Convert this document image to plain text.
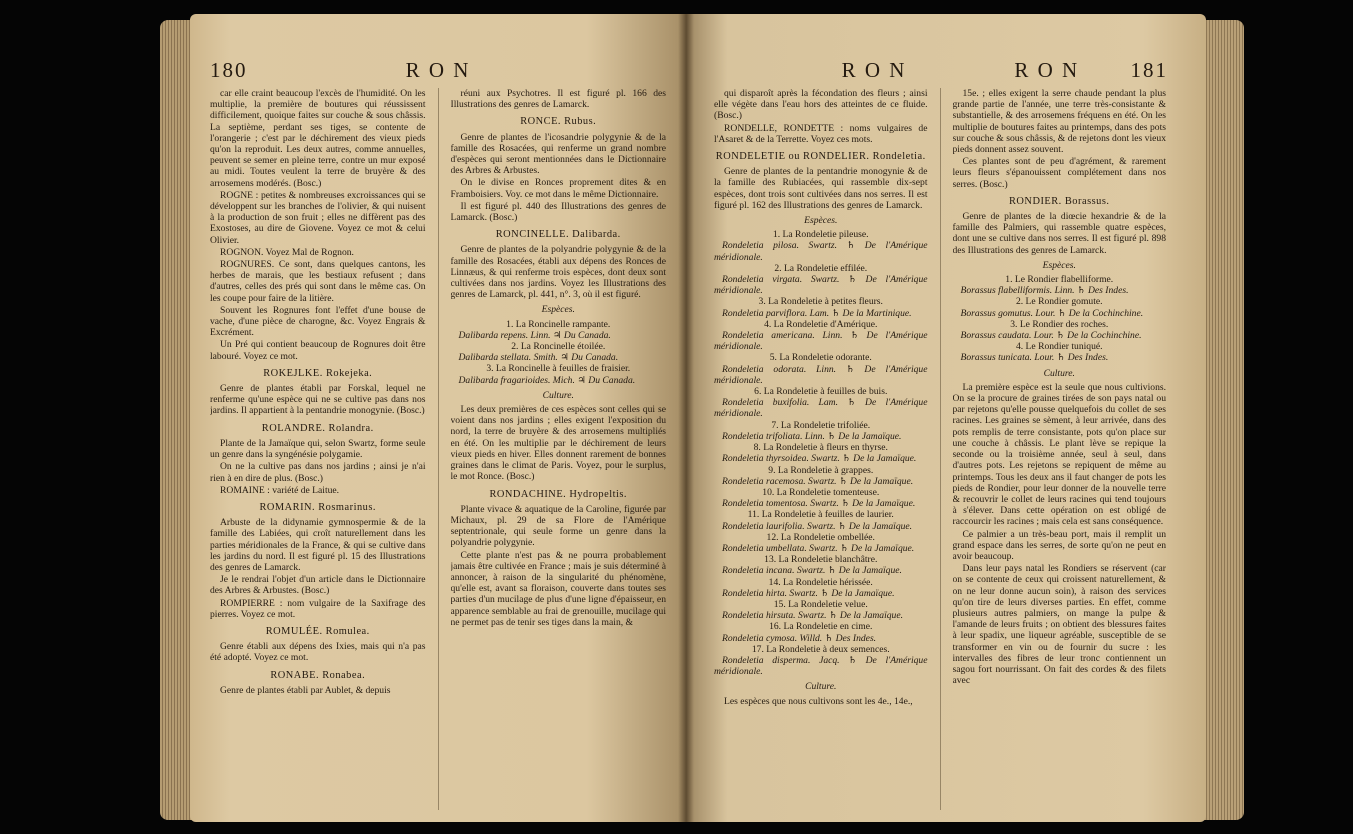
180	R O N

car elle craint beaucoup l'excès de l'humidité. On les multiplie, la première de boutures qui réussissent difficilement, quoique faites sur couche & sous châssis. La septième, perdant ses tiges, se contente de l'orangerie ; c'est par le déchirement des vieux pieds qu'on la reproduit. Les deux autres, comme annuelles, peuvent se semer en pleine terre, contre un mur exposé au midi. Toutes veulent la terre de bruyère & des arrosemens modérés. (Bosc.)

ROGNE : petites & nombreuses excroissances qui se développent sur les branches de l'olivier, & qui nuisent à la production de son fruit ; elles ne diffèrent pas des Exostoses, au dire de Giovene. Voyez ce mot & celui Olivier.

ROGNON. Voyez Mal de Rognon.

ROGNURES. Ce sont, dans quelques cantons, les herbes de marais, que les bestiaux refusent ; dans d'autres, celles des prés qui sont dans le même cas. On les coupe pour faire de la litière.

Souvent les Rognures font l'effet d'une bouse de vache, d'une pièce de charogne, &c. Voyez Engrais & Excrément.

Un Pré qui contient beaucoup de Rognures doit être labouré. Voyez ce mot.

ROKEJLKE. Rokejeka.

Genre de plantes établi par Forskal, lequel ne renferme qu'une espèce qui ne se cultive pas dans nos jardins. Il appartient à la pentandrie monogynie. (Bosc.)

ROLANDRE. Rolandra.

Plante de la Jamaïque qui, selon Swartz, forme seule un genre dans la syngénésie polygamie.

On ne la cultive pas dans nos jardins ; ainsi je n'ai rien à en dire de plus. (Bosc.)

ROMAINE : variété de Laitue.

ROMARIN. Rosmarinus.

Arbuste de la didynamie gymnospermie & de la famille des Labiées, qui croît naturellement dans les parties méridionales de la France, & qui se cultive dans les jardins du nord. Il est figuré pl. 15 des Illustrations des genres de Lamarck.

Je le rendrai l'objet d'un article dans le Dictionnaire des Arbres & Arbustes. (Bosc.)

ROMPIERRE : nom vulgaire de la Saxifrage des pierres. Voyez ce mot.

ROMULÉE. Romulea.

Genre établi aux dépens des Ixies, mais qui n'a pas été adopté. Voyez ce mot.

RONABE. Ronabea.

Genre de plantes établi par Aublet, & depuis

réuni aux Psychotres. Il est figuré pl. 166 des Illustrations des genres de Lamarck.

RONCE. Rubus.

Genre de plantes de l'icosandrie polygynie & de la famille des Rosacées, qui renferme un grand nombre d'espèces qui seront mentionnées dans le Dictionnaire des Arbres & Arbustes.

On le divise en Ronces proprement dites & en Framboisiers. Voy. ce mot dans le même Dictionnaire.

Il est figuré pl. 440 des Illustrations des genres de Lamarck. (Bosc.)

RONCINELLE. Dalibarda.

Genre de plantes de la polyandrie polygynie & de la famille des Rosacées, établi aux dépens des Ronces de Linnæus, & qui renferme trois espèces, dont deux sont cultivées dans nos jardins. Voyez les Illustrations des genres de Lamarck, pl. 441, n°. 3, où il est figuré.

Espèces.

1. La Roncinelle rampante.

Dalibarda repens. Linn. ♃ Du Canada.

2. La Roncinelle étoilée.

Dalibarda stellata. Smith. ♃ Du Canada.

3. La Roncinelle à feuilles de fraisier.

Dalibarda fragarioides. Mich. ♃ Du Canada.

Culture.

Les deux premières de ces espèces sont celles qui se voient dans nos jardins ; elles exigent l'exposition du nord, la terre de bruyère & des arrosemens multipliés en été. On les multiplie par le déchirement de leurs vieux pieds en hiver. Elles donnent rarement de bonnes graines dans le climat de Paris. Voyez, pour le surplus, le mot Ronce. (Bosc.)

RONDACHINE. Hydropeltis.

Plante vivace & aquatique de la Caroline, figurée par Michaux, pl. 29 de sa Flore de l'Amérique septentrionale, qui seule forme un genre dans la polyandrie polygynie.

Cette plante n'est pas & ne pourra probablement jamais être cultivée en France ; mais je suis déterminé à annoncer, à raison de la singularité du phénomène, qu'elle est, avant sa floraison, couverte dans toutes ses parties d'un mucilage de plus d'une ligne d'épaisseur, en apparence semblable au frai de grenouille, mucilage qui ne permet pas de tenir ses tiges dans la main, &

R O N	R O N	181

qui disparoît après la fécondation des fleurs ; ainsi elle végète dans l'eau hors des atteintes de ce fluide. (Bosc.)

RONDELLE, RONDETTE : noms vulgaires de l'Asaret & de la Terrette. Voyez ces mots.

RONDELETIE ou RONDELIER. Rondeletia.

Genre de plantes de la pentandrie monogynie & de la famille des Rubiacées, qui rassemble dix-sept espèces, dont trois sont cultivées dans nos serres. Il est figuré pl. 162 des Illustrations des genres de Lamarck.

Espèces.

1. La Rondeletie pileuse.

Rondeletia pilosa. Swartz. ♄ De l'Amérique méridionale.

2. La Rondeletie effilée.

Rondeletia virgata. Swartz. ♄ De l'Amérique méridionale.

3. La Rondeletie à petites fleurs.

Rondeletia parviflora. Lam. ♄ De la Martinique.

4. La Rondeletie d'Amérique.

Rondeletia americana. Linn. ♄ De l'Amérique méridionale.

5. La Rondeletie odorante.

Rondeletia odorata. Linn. ♄ De l'Amérique méridionale.

6. La Rondeletie à feuilles de buis.

Rondeletia buxifolia. Lam. ♄ De l'Amérique méridionale.

7. La Rondeletie trifoliée.

Rondeletia trifoliata. Linn. ♄ De la Jamaïque.

8. La Rondeletie à fleurs en thyrse.

Rondeletia thyrsoidea. Swartz. ♄ De la Jamaïque.

9. La Rondeletie à grappes.

Rondeletia racemosa. Swartz. ♄ De la Jamaïque.

10. La Rondeletie tomenteuse.

Rondeletia tomentosa. Swartz. ♄ De la Jamaïque.

11. La Rondeletie à feuilles de laurier.

Rondeletia laurifolia. Swartz. ♄ De la Jamaïque.

12. La Rondeletie ombellée.

Rondeletia umbellata. Swartz. ♄ De la Jamaïque.

13. La Rondeletie blanchâtre.

Rondeletia incana. Swartz. ♄ De la Jamaïque.

14. La Rondeletie hérissée.

Rondeletia hirta. Swartz. ♄ De la Jamaïque.

15. La Rondeletie velue.

Rondeletia hirsuta. Swartz. ♄ De la Jamaïque.

16. La Rondeletie en cime.

Rondeletia cymosa. Willd. ♄ Des Indes.

17. La Rondeletie à deux semences.

Rondeletia disperma. Jacq. ♄ De l'Amérique méridionale.

Culture.

Les espèces que nous cultivons sont les 4e., 14e.,

15e. ; elles exigent la serre chaude pendant la plus grande partie de l'année, une terre très-consistante & substantielle, & des arrosemens fréquens en été. On les multiplie de boutures faites au printemps, dans des pots sur couche & sous châssis, & de rejetons dont les vieux pieds donnent assez souvent.

Ces plantes sont de peu d'agrément, & rarement leurs fleurs s'épanouissent complétement dans nos serres. (Bosc.)

RONDIER. Borassus.

Genre de plantes de la diœcie hexandrie & de la famille des Palmiers, qui rassemble quatre espèces, dont une se cultive dans nos serres. Il est figuré pl. 898 des Illustrations des genres de Lamarck.

Espèces.

1. Le Rondier flabelliforme.

Borassus flabelliformis. Linn. ♄ Des Indes.

2. Le Rondier gomute.

Borassus gomutus. Lour. ♄ De la Cochinchine.

3. Le Rondier des roches.

Borassus caudata. Lour. ♄ De la Cochinchine.

4. Le Rondier tuniqué.

Borassus tunicata. Lour. ♄ Des Indes.

Culture.

La première espèce est la seule que nous cultivions. On se la procure de graines tirées de son pays natal ou par rejetons qu'elle pousse quelquefois du collet de ses racines. Les graines se sèment, à leur arrivée, dans des pots remplis de terre consistante, pots qu'on place sur une couche à châssis. Le plant lève se repique la seconde ou la troisième année, seul à seul, dans d'autres pots. Les rejetons se repiquent de même au printemps. Tous les deux ans il faut changer de pots les pieds de Rondier, pour leur donner de la nouvelle terre & recouvrir le collet de leurs racines qui tend toujours à s'élever. Dans cette opération on est obligé de raccourcir les racines ; mais cela est sans conséquence.

Ce palmier a un très-beau port, mais il remplit un grand espace dans les serres, de sorte qu'on ne peut en avoir beaucoup.

Dans leur pays natal les Rondiers se réservent (car on se contente de ceux qui croissent naturellement, & on ne leur donne aucun soin), à raison des services qu'on tire de leurs diverses parties. En effet, comme plusieurs autres palmiers, on mange la pulpe & l'amande de leurs fruits ; on obtient des blessures faites à leur spadix, une liqueur agréable, susceptible de se transformer en vin ou de fournir du sucre : les intervalles des fibres de leur tronc contiennent un sagou fort nourrissant. On fait des cordes & des filets avec
